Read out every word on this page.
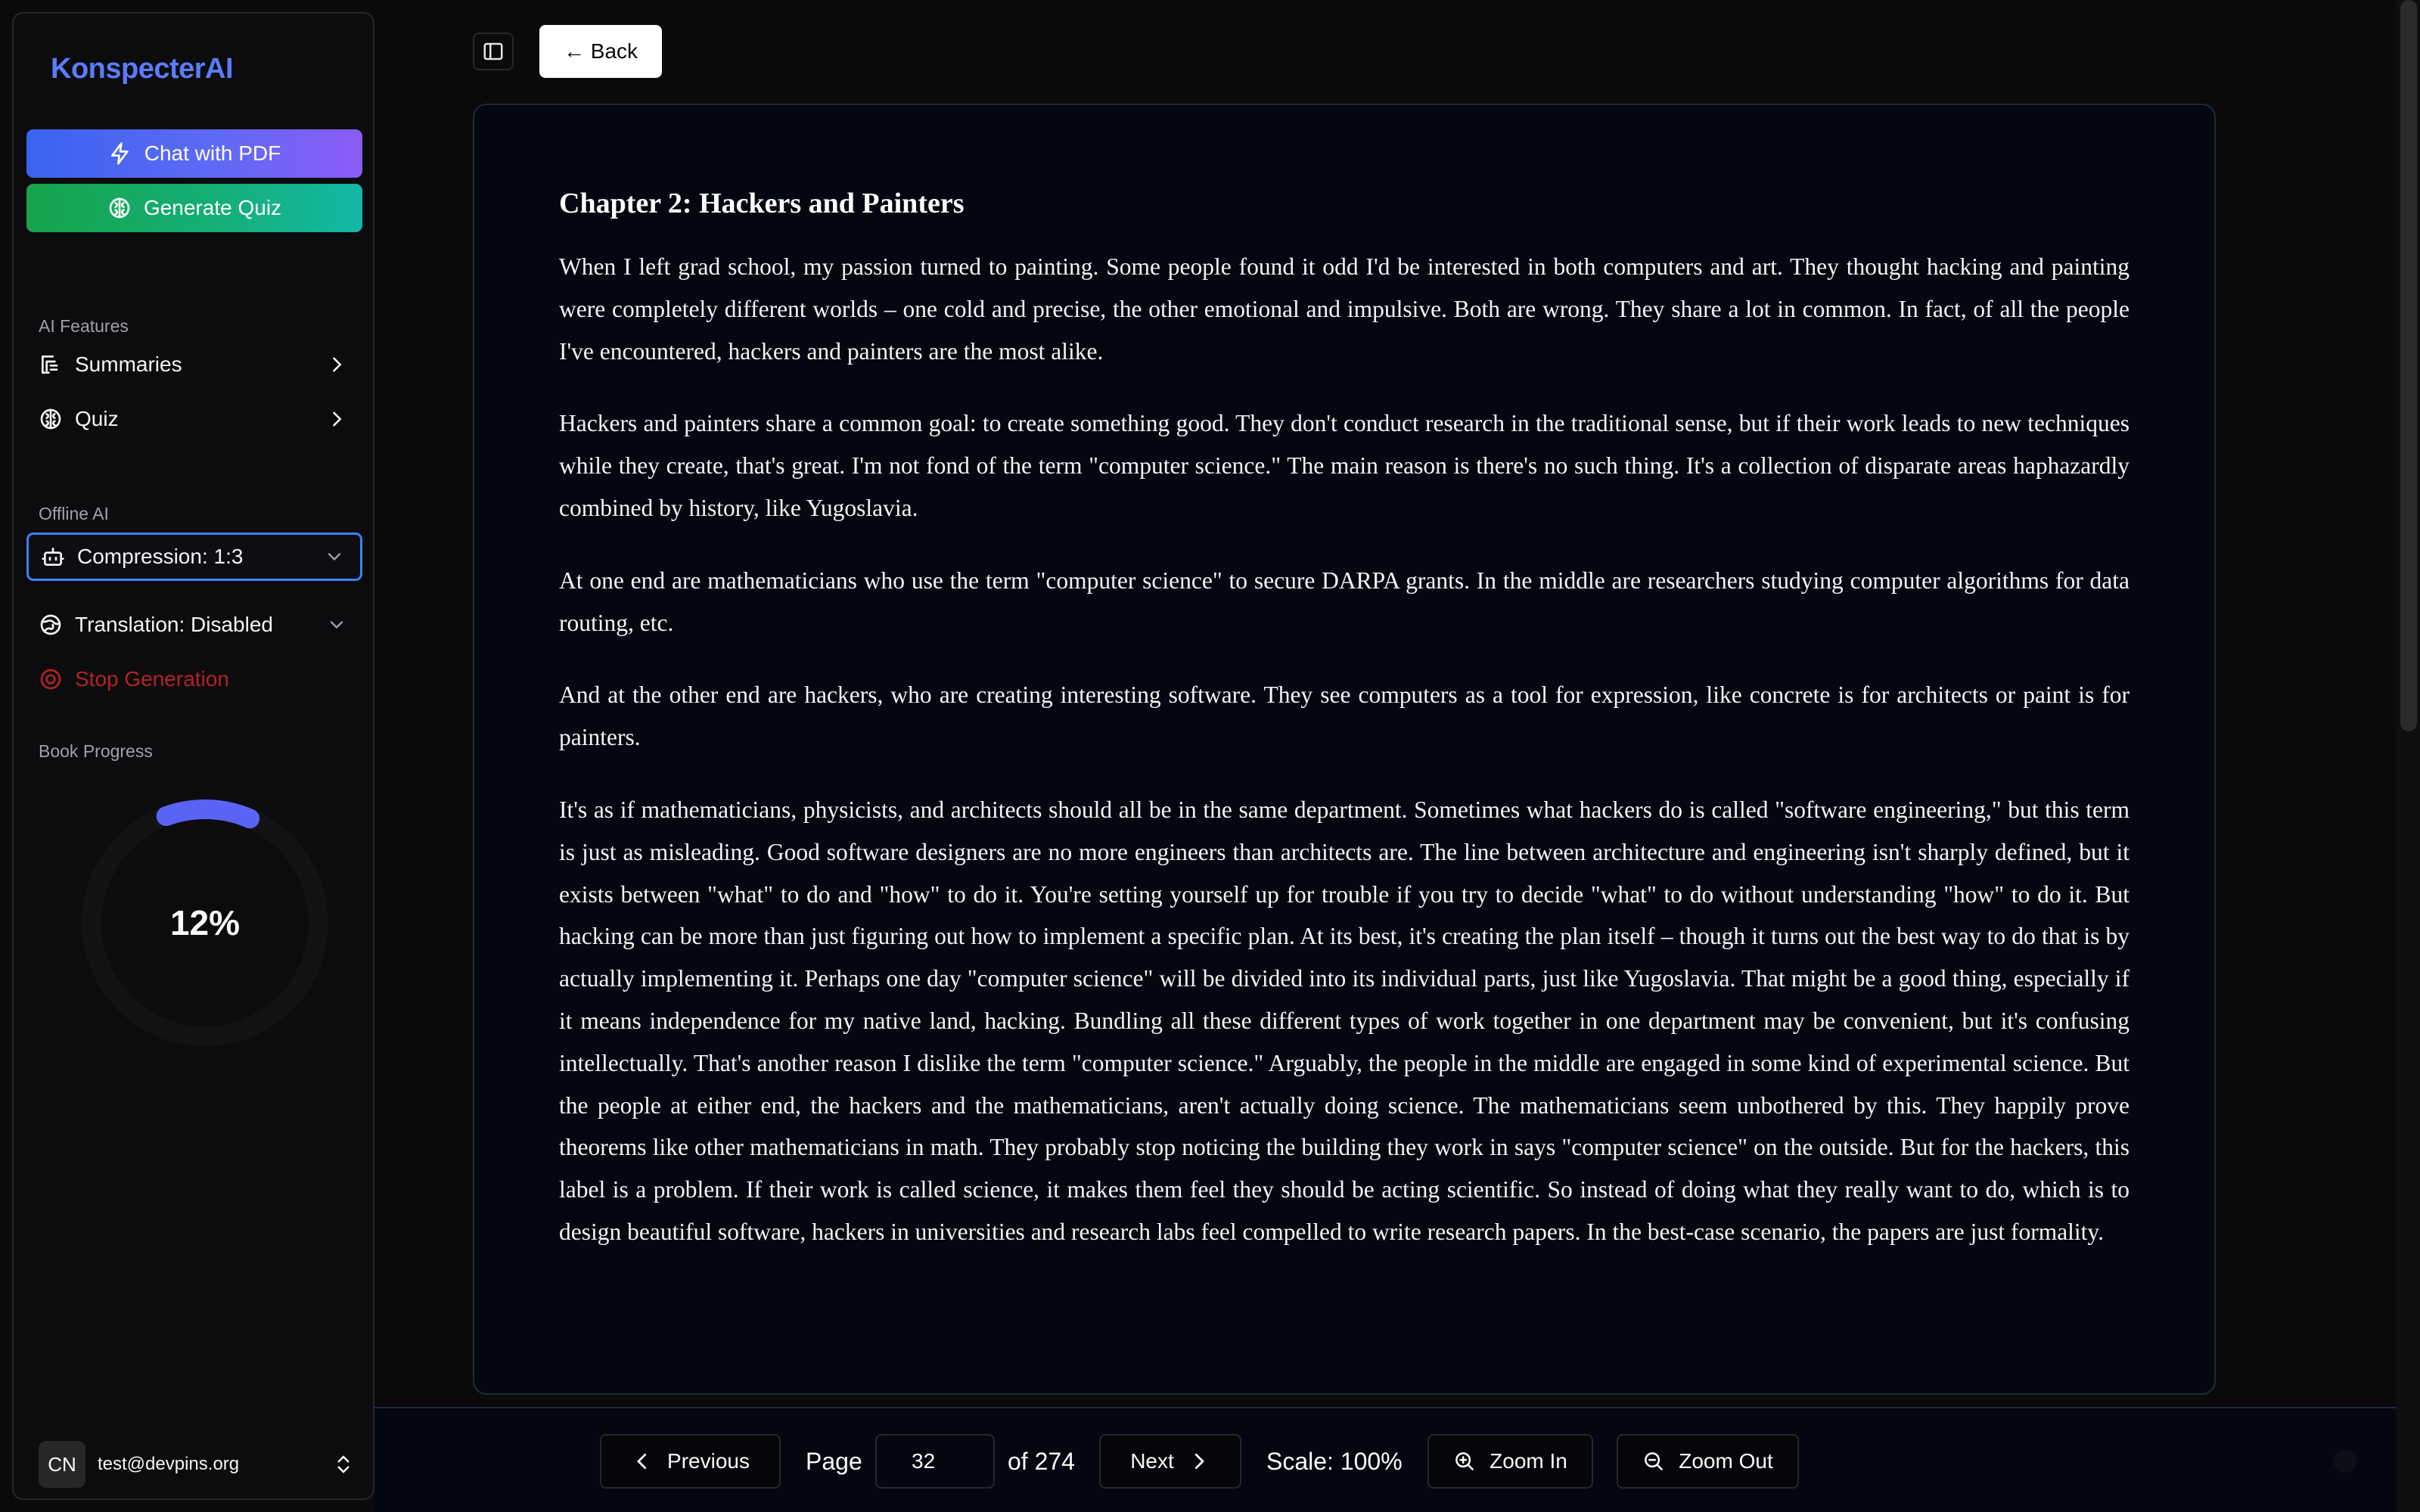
KonspecterAI
Chat with PDF
Generate Quiz
AI Features
Summaries
Quiz
Offline AI
Compression: 1:3
Translation: Disabled
Stop Generation
Book Progress
12%
CN	test@devpins.org
← Back
Chapter 2: Hackers and Painters

When I left grad school, my passion turned to painting. Some people found it odd I'd be interested in both computers and art. They thought hacking and painting were completely different worlds – one cold and precise, the other emotional and impulsive. Both are wrong. They share a lot in common. In fact, of all the people I've encountered, hackers and painters are the most alike.

Hackers and painters share a common goal: to create something good. They don't conduct research in the traditional sense, but if their work leads to new techniques while they create, that's great. I'm not fond of the term "computer science." The main reason is there's no such thing. It's a collection of disparate areas haphazardly combined by history, like Yugoslavia.

At one end are mathematicians who use the term "computer science" to secure DARPA grants. In the middle are researchers studying computer algorithms for data routing, etc.

And at the other end are hackers, who are creating interesting software. They see computers as a tool for expression, like concrete is for architects or paint is for painters.

It's as if mathematicians, physicists, and architects should all be in the same department. Sometimes what hackers do is called "software engineering," but this term is just as misleading. Good software designers are no more engineers than architects are. The line between architecture and engineering isn't sharply defined, but it exists between "what" to do and "how" to do it. You're setting yourself up for trouble if you try to decide "what" to do without understanding "how" to do it. But hacking can be more than just figuring out how to implement a specific plan. At its best, it's creating the plan itself – though it turns out the best way to do that is by actually implementing it. Perhaps one day "computer science" will be divided into its individual parts, just like Yugoslavia. That might be a good thing, especially if it means independence for my native land, hacking. Bundling all these different types of work together in one department may be convenient, but it's confusing intellectually. That's another reason I dislike the term "computer science." Arguably, the people in the middle are engaged in some kind of experimental science. But the people at either end, the hackers and the mathematicians, aren't actually doing science. The mathematicians seem unbothered by this. They happily prove theorems like other mathematicians in math. They probably stop noticing the building they work in says "computer science" on the outside. But for the hackers, this label is a problem. If their work is called science, it makes them feel they should be acting scientific. So instead of doing what they really want to do, which is to design beautiful software, hackers in universities and research labs feel compelled to write research papers. In the best-case scenario, the papers are just formality.

Previous Page
32	of 274	Next	Scale: 100%	Zoom In	Zoom Out
